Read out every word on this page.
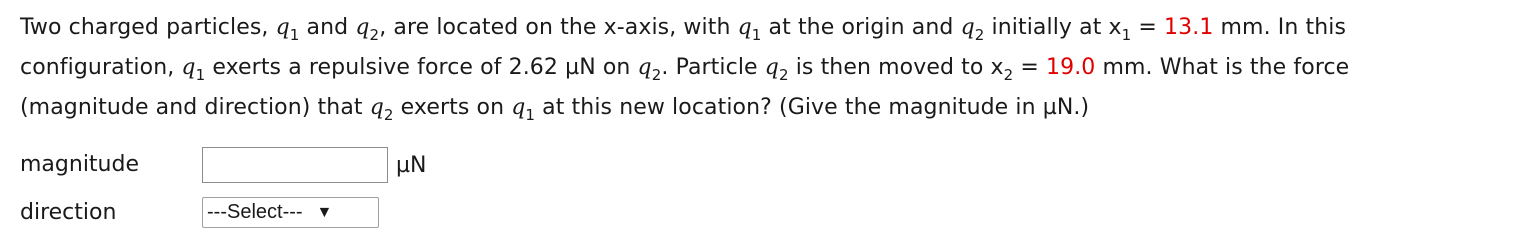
Two charged particles, $q_1$ and $q_2$, are located on the x-axis, with $q_1$ at the origin and $q_2$ initially at $x_1 = 13.1$ mm. In this

configuration, $q_1$ exerts a repulsive force of 2.62 µN on $q_2$. Particle $q_2$ is then moved to $x_2 = 19.0$ mm. What is the force

(magnitude and direction) that $q_2$ exerts on $q_1$ at this new location? (Give the magnitude in µN.)

magnitude	µN
direction	---Select--- ▼
